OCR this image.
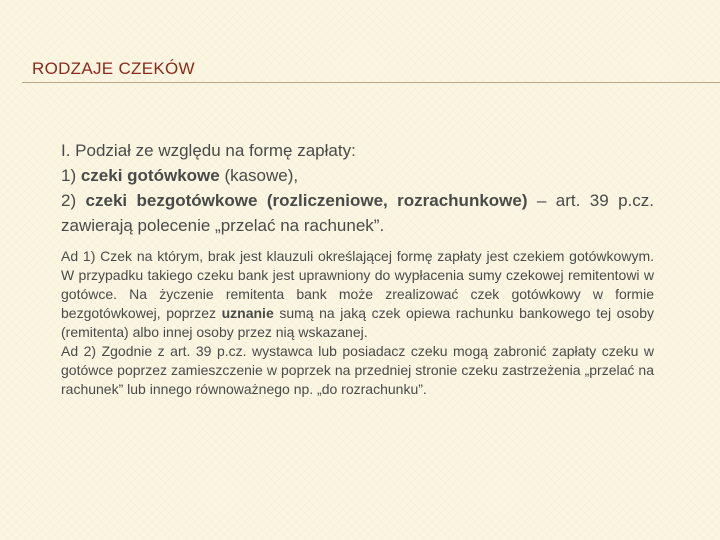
RODZAJE CZEKÓW

I. Podział ze względu na formę zapłaty:

1) czeki gotówkowe (kasowe),

2) czeki bezgotówkowe (rozliczeniowe, rozrachunkowe) – art. 39 p.cz. zawierają polecenie „przelać na rachunek”.

Ad 1) Czek na którym, brak jest klauzuli określającej formę zapłaty jest czekiem gotówkowym. W przypadku takiego czeku bank jest uprawniony do wypłacenia sumy czekowej remitentowi w gotówce. Na życzenie remitenta bank może zrealizować czek gotówkowy w formie bezgotówkowej, poprzez uznanie sumą na jaką czek opiewa rachunku bankowego tej osoby (remitenta) albo innej osoby przez nią wskazanej.

Ad 2) Zgodnie z art. 39 p.cz. wystawca lub posiadacz czeku mogą zabronić zapłaty czeku w gotówce poprzez zamieszczenie w poprzek na przedniej stronie czeku zastrzeżenia „przelać na rachunek” lub innego równoważnego np. „do rozrachunku”.
